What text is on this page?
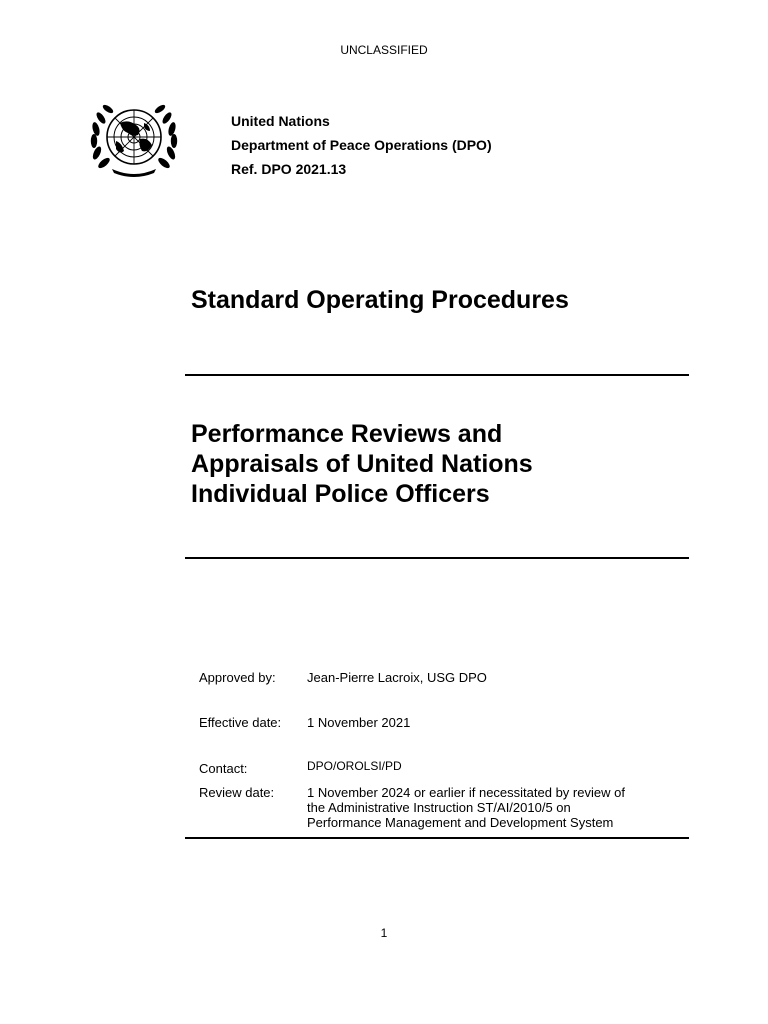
UNCLASSIFIED
United Nations
Department of Peace Operations (DPO)
Ref. DPO 2021.13
Standard Operating Procedures
Performance Reviews and
Appraisals of United Nations
Individual Police Officers
Approved by: Jean-Pierre Lacroix, USG DPO
Effective date: 1 November 2021
Contact:	DPO/OROLSI/PD
Review date:	1 November 2024 or earlier if necessitated by review of
the Administrative Instruction ST/AI/2010/5 on
Performance Management and Development System
1
